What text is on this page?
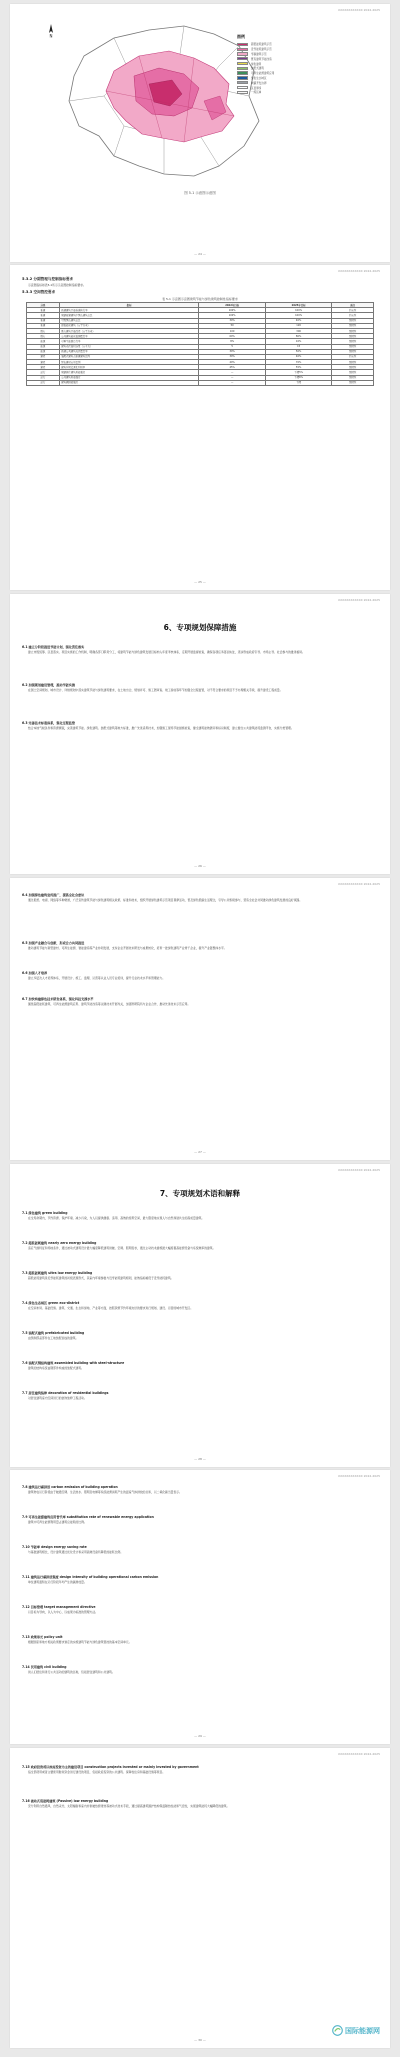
ХХХХХХХХХХХХ 2022-2025
N	图例
超低能耗建筑示范
近零能耗建筑示范
零碳建筑示范
既有建筑节能改造
绿色建筑
装配式建筑
可再生能源建筑应用
绿色生态城区
城镇开发边界
区县界线
一般区域
图 5-1 示意图示意图
— 24 —
ХХХХХХХХХХХХ 2022-2025
5.3.2 分期管理与控制指标要求
示意图指标如表5-1所示示意图控制指标要求。
5.3.3 空间管控要求
表 5-1 示意图示意图建筑节能与绿色建筑控制性指标要求
分类	指标	2022年目标	2025年目标	备注
新建	新建建筑节能标准执行率	100%	100%	约束性
新建	城镇新建建筑中绿色建筑占比	100%	100%	约束性
新建	星级绿色建筑占比	30%	40%	预期性
新建	超低能耗建筑（万平方米）	50	120	预期性
既有	既有建筑节能改造（万平方米）	100	300	预期性
既有	公共建筑能耗监测覆盖率	60%	80%	预期性
能源	可再生能源替代率	8%	10%	预期性
能源	建筑光伏装机容量（万千瓦）	5	15	预期性
能源	新建公共建筑光伏覆盖率	30%	50%	预期性
建造	装配式建筑占新建建筑比例	30%	40%	约束性
建造	绿色建材应用比例	40%	70%	预期性
建造	建筑垃圾资源化利用率	45%	55%	预期性
运行	城镇居住建筑用能强度	—	下降5%	预期性
运行	公共建筑用能强度	—	下降6%	预期性
运行	建筑碳排放强度	—	下降	预期性
— 25 —
ХХХХХХХХХХХХ 2022-2025
6、专项规划保障措施
6.1 建立分阶段推进节能计划，强化责任落实
建立市级统筹、区县落实、项目实施的工作机制，明确各部门职责分工，将建筑节能与绿色建筑发展目标纳入年度考核体系，定期开展监督检查，确保各项任务落到实处，逐步形成政府引导、市场主导、社会参与的推进格局。
6.2 加强规划建设管理，推动节能实施
在国土空间规划、城市设计、详细规划中落实建筑节能与绿色建筑要求，在土地出让、规划许可、施工图审查、竣工验收等环节加强全过程监管，对不符合要求的项目不予办理相关手续，提升建设工程质量。
6.3 完善技术标准体系，强化过程监管
结合本地气候条件和资源禀赋，完善建筑节能、绿色建筑、装配式建筑等地方标准，推广先进适用技术，加强施工现场节能措施检查，健全建筑能效测评和标识制度，建立健全公共建筑能耗监测平台，实施分类管理。
— 26 —
ХХХХХХХХХХХХ 2022-2025
6.4 加强绿色建筑宣传推广，提高全社会意识
通过报纸、电视、网络等多种渠道，广泛宣传建筑节能与绿色建筑相关政策、标准和技术，组织开展绿色建筑示范项目观摩活动，普及绿色低碳生活理念，引导公众积极参与，营造全社会共同推动绿色建筑发展的良好氛围。
6.5 加强产业融合与创新，形成合力共同推进
推动建筑节能与新型建材、可再生能源、智能建造等产业协同发展，支持企业开展技术研发与成果转化，培育一批绿色建筑产业骨干企业，提升产业链整体水平。
6.6 加强人才培养
建立多层次人才培养体系，开展设计、施工、监理、运营等从业人员专业培训，提升行业技术水平和管理能力。
6.7 加快构建绿色技术研发体系，强化科技支撑水平
围绕超低能耗建筑、可再生能源建筑应用、建筑节能改造等关键技术开展攻关，加强科研院所与企业合作，推动先进技术示范应用。
— 27 —
ХХХХХХХХХХХХ 2022-2025
7、专项规划术语和解释
7.1 绿色建筑 green building
在全寿命期内，节约资源、保护环境、减少污染，为人们提供健康、适用、高效的使用空间，最大限度地实现人与自然和谐共生的高质量建筑。
7.2 超低能耗建筑 nearly zero energy building
适应气候特征和场地条件，通过被动式建筑设计最大幅度降低建筑供暖、空调、照明需求，通过主动技术措施最大幅度提高能源设备与系统效率的建筑。
7.3 超低能耗建筑 ultra low energy building
超低能耗建筑是近零能耗建筑的初级表现形式，其室内环境参数与近零能耗建筑相同，能效指标略低于近零能耗建筑。
7.4 绿色生态城区 green eco-district
在空间布局、基础设施、建筑、交通、生态和绿地、产业等方面，按照资源节约环境友好的要求进行规划、建设、运营的城市开发区。
7.5 装配式建筑 prefabricated building
由预制部品部件在工地装配而成的建筑。
7.6 装配式钢结构建筑 assembled building with steel-structure
建筑的结构系统由钢部件构成的装配式建筑。
7.7 居住建筑装修 decoration of residential buildings
对居住建筑室内空间进行的装饰装修工程活动。
— 28 —
ХХХХХХХХХХХХ 2022-2025
7.8 建筑运行碳排放 carbon emission of building operation
建筑物在运行阶段由于暖通空调、生活热水、照明及电梯等系统能源消耗产生的温室气体排放的总和，以二氧化碳当量表示。
7.9 可再生能源建筑应用替代率 substitution rate of renewable energy application
建筑中可再生能源利用量占建筑总能耗的比例。
7.10 节能率 design energy saving rate
与基准建筑相比，设计建筑通过优化设计和采用高效设备所降低的能耗比例。
7.11 建筑运行碳排放强度 design intensity of building operational carbon emission
单位建筑面积在运行阶段年均产生的碳排放量。
7.12 目标管理 target management directive
以目标为导向，以人为中心，以成果为标准的管理方法。
7.13 政策单元 policy unit
根据国家和地方相关政策要求划定的实施建筑节能与绿色建筑管控的基本空间单元。
7.14 民用建筑 civil building
供人们居住和进行公共活动的建筑的总称，包括居住建筑和公共建筑。
— 29 —
ХХХХХХХХХХХХ 2022-2025
7.15 政府投资或以政府投资为主的建设项目 construction projects invested or mainly invested by government
指全部使用或者主要使用财政资金进行建设的项目，包括政府投资的公共建筑、保障性住房和基础设施等项目。
7.16 被动式低能耗建筑 (Passive) low energy building
充分利用自然通风、自然采光、太阳辐射和室内非供暖热源得热等被动式技术手段，通过提高建筑围护结构保温隔热性能和气密性，实现建筑能耗大幅降低的建筑。
— 30 —
国际能源网
